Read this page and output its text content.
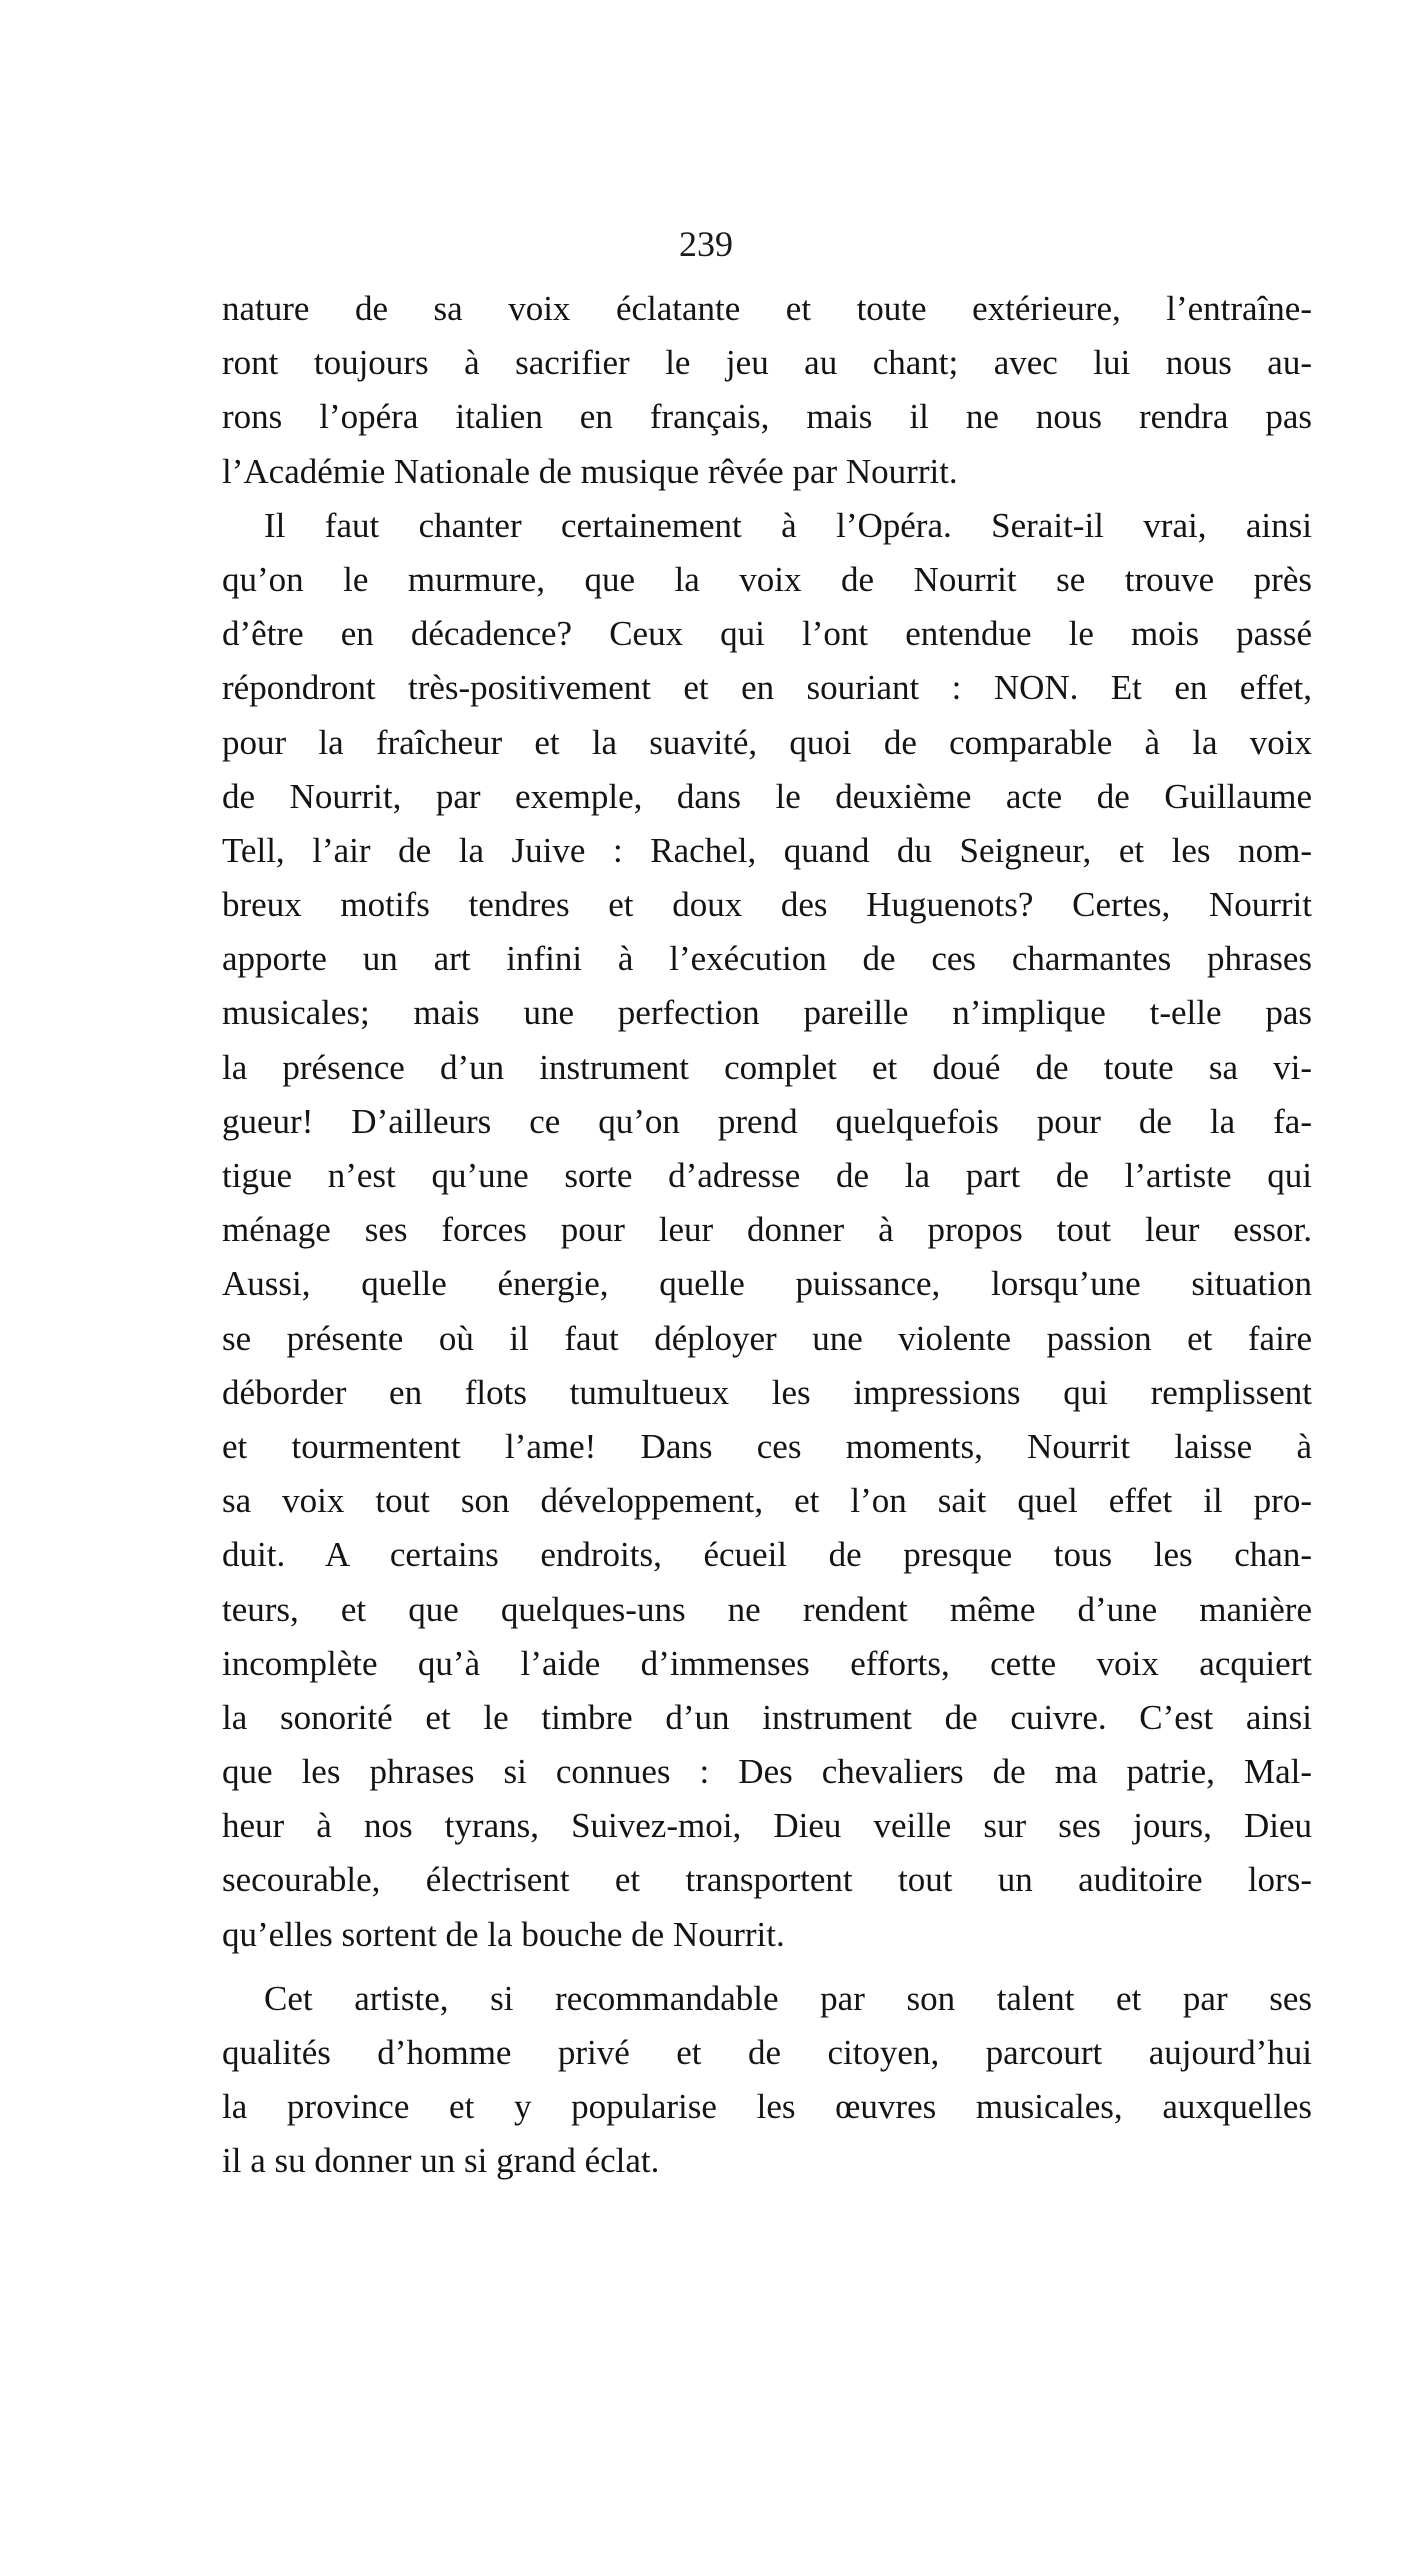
239
nature de sa voix éclatante et toute extérieure, l’entraîne-
ront toujours à sacrifier le jeu au chant; avec lui nous au-
rons l’opéra italien en français, mais il ne nous rendra pas
l’Académie Nationale de musique rêvée par Nourrit.
Il faut chanter certainement à l’Opéra. Serait-il vrai, ainsi
qu’on le murmure, que la voix de Nourrit se trouve près
d’être en décadence? Ceux qui l’ont entendue le mois passé
répondront très-positivement et en souriant : NON. Et en effet,
pour la fraîcheur et la suavité, quoi de comparable à la voix
de Nourrit, par exemple, dans le deuxième acte de Guillaume
Tell, l’air de la Juive : Rachel, quand du Seigneur, et les nom-
breux motifs tendres et doux des Huguenots? Certes, Nourrit
apporte un art infini à l’exécution de ces charmantes phrases
musicales; mais une perfection pareille n’implique t-elle pas
la présence d’un instrument complet et doué de toute sa vi-
gueur! D’ailleurs ce qu’on prend quelquefois pour de la fa-
tigue n’est qu’une sorte d’adresse de la part de l’artiste qui
ménage ses forces pour leur donner à propos tout leur essor.
Aussi, quelle énergie, quelle puissance, lorsqu’une situation
se présente où il faut déployer une violente passion et faire
déborder en flots tumultueux les impressions qui remplissent
et tourmentent l’ame! Dans ces moments, Nourrit laisse à
sa voix tout son développement, et l’on sait quel effet il pro-
duit. A certains endroits, écueil de presque tous les chan-
teurs, et que quelques-uns ne rendent même d’une manière
incomplète qu’à l’aide d’immenses efforts, cette voix acquiert
la sonorité et le timbre d’un instrument de cuivre. C’est ainsi
que les phrases si connues : Des chevaliers de ma patrie, Mal-
heur à nos tyrans, Suivez-moi, Dieu veille sur ses jours, Dieu
secourable, électrisent et transportent tout un auditoire lors-
qu’elles sortent de la bouche de Nourrit.
Cet artiste, si recommandable par son talent et par ses
qualités d’homme privé et de citoyen, parcourt aujourd’hui
la province et y popularise les œuvres musicales, auxquelles
il a su donner un si grand éclat.
